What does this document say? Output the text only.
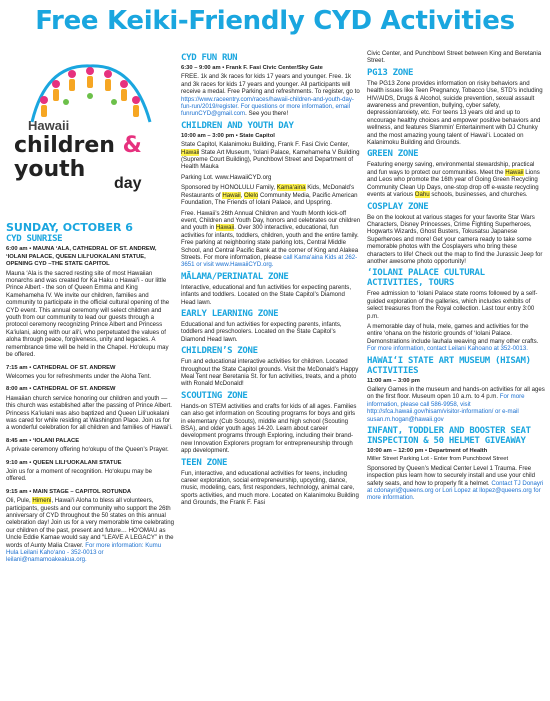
Free Keiki-Friendly CYD Activities
Hawaii
children & youth
day
SUNDAY, OCTOBER 6
CYD SUNRISE
6:00 am • MAUNA ‘ALA, CATHEDRAL OF ST. ANDREW, ‘IOLANI PALACE, QUEEN LILI‘UOKALANI STATUE, OPENING CYD –THE STATE CAPITOL

Mauna ‘Ala is the sacred resting site of most Hawaiian monarchs and was created for Ka Haku o Hawai‘i - our little Prince Albert - the son of Queen Emma and King Kamehameha IV. We invite our children, families and community to participate in the official cultural opening of the CYD event. This annual ceremony will select children and youth from our community to lead our guests through a protocol ceremony recognizing Prince Albert and Princess Ka‘iulani, along with our ali‘i, who perpetuated the values of aloha through peace, forgiveness, unity and legacies. A remembrance time will be held in the Chapel. Ho‘okupu may be offered.

7:15 am • CATHEDRAL OF ST. ANDREW

Welcomes you for refreshments under the Aloha Tent.

8:00 am • CATHEDRAL OF ST. ANDREW

Hawaiian church service honoring our children and youth — this church was established after the passing of Prince Albert. Princess Ka‘iulani was also baptized and Queen Lili‘uokalani was cared for while residing at Washington Place. Join us for a wonderful celebration for all children and families of Hawai‘i.

8:45 am • ‘IOLANI PALACE

A private ceremony offering ho‘okupu of the Queen’s Prayer.

9:10 am • QUEEN LILI‘UOKALANI STATUE

Join us for a moment of recognition. Ho‘okupu may be offered.

9:15 am • MAIN STAGE – CAPITOL ROTUNDA

Oli, Pule, Himeni, Hawai‘i Aloha to bless all volunteers, participants, guests and our community who support the 26th anniversary of CYD throughout the 50 states on this annual celebration day! Join us for a very memorable time celebrating our children of the past, present and future… HO‘OMAU as Uncle Eddie Kamae would say and “LEAVE A LEGACY” in the words of Aunty Malia Craver. For more information: Kumu Hula Leilani Kaho‘ano - 352-0013 or leilani@namamoakeakua.org.

CYD FUN RUN
6:30 – 9:00 am • Frank F. Fasi Civic Center/Sky Gate

FREE. 1k and 3k races for kids 17 years and younger. Free. 1k and 3k races for kids 17 years and younger. All participants will receive a medal. Free Parking and refreshments. To register, go to https://www.raceentry.com/races/hawaii-children-and-youth-day-fun-run/2019/register. For questions or more information, email funrunCYD@gmail.com. See you there!

CHILDREN AND YOUTH DAY
10:00 am – 3:00 pm • State Capitol

State Capitol, Kalanimoku Building, Frank F. Fasi Civic Center, Hawaii State Art Museum, ‘Iolani Palace, Kamehameha V Building (Supreme Court Building), Punchbowl Street and Department of Health Mauka

Parking Lot. www.HawaiiCYD.org

Sponsored by HONOLULU Family, Kama‘aina Kids, McDonald’s Restaurants of Hawaii, Olelo Community Media, Pacific American Foundation, The Friends of Iolani Palace, and Upspring.

Free. Hawaii’s 26th Annual Children and Youth Month kick-off event, Children and Youth Day, honors and celebrates our children and youth in Hawaii. Over 300 interactive, educational, fun activities for infants, toddlers, children, youth and the entire family. Free parking at neighboring state parking lots, Central Middle School, and Central Pacific Bank at the corner of King and Alakea Streets. For more information, please call Kama‘aina Kids at 262-3651 or visit www.HawaiiCYD.org.

MĀLAMA/PERINATAL ZONE

Interactive, educational and fun activities for expecting parents, infants and toddlers. Located on the State Capitol’s Diamond Head lawn.

EARLY LEARNING ZONE

Educational and fun activities for expecting parents, infants, toddlers and preschoolers. Located on the State Capitol’s Diamond Head lawn.

CHILDREN’S ZONE

Fun and educational interactive activities for children. Located throughout the State Capitol grounds. Visit the McDonald’s Happy Meal Tent near Beretania St. for fun activities, treats, and a photo with Ronald McDonald!

SCOUTING ZONE

Hands-on STEM activities and crafts for kids of all ages. Families can also get information on Scouting programs for boys and girls in elementary (Cub Scouts), middle and high school (Scouting BSA), and older youth ages 14-20. Learn about career development programs through Exploring, including their brand-new Innovation Explorers program for entrepreneurship through app development.

TEEN ZONE

Fun, interactive, and educational activities for teens, including career exploration, social entrepreneurship, upcycling, dance, music, modeling, cars, first responders, technology, animal care, sports activities, and much more. Located on Kalanimoku Building and Grounds, the Frank F. Fasi

Civic Center, and Punchbowl Street between King and Beretania Street.

PG13 ZONE

The PG13 Zone provides information on risky behaviors and health issues like Teen Pregnancy, Tobacco Use, STD’s including HIV/AIDS, Drugs & Alcohol, suicide prevention, sexual assault awareness and prevention, bullying, cyber safety, depression/anxiety, etc. For teens 13 years old and up to encourage healthy choices and empower positive behaviors and wellness, and features Slammin’ Entertainment with DJ Chunky and the most amazing young talent of Hawai‘i. Located on Kalanimoku Building and Grounds.

GREEN ZONE

Featuring energy saving, environmental stewardship, practical and fun ways to protect our communities. Meet the Hawaii Lions and Leos who promote the 16th year of Going Green Recycling Community Clean Up Days, one-stop drop off e-waste recycling events at various Oahu schools, businesses, and churches.

COSPLAY ZONE

Be on the lookout at various stages for your favorite Star Wars Characters, Disney Princesses, Crime Fighting Superheroes, Hogwarts Wizards, Ghost Busters, Tokusatsu Japanese Superheroes and more! Get your camera ready to take some memorable photos with the Cosplayers who bring these characters to life! Check out the map to find the Jurassic Jeep for another awesome photo opportunity!

‘IOLANI PALACE CULTURAL ACTIVITIES, TOURS

Free admission to ‘Iolani Palace state rooms followed by a self-guided exploration of the galleries, which includes exhibits of select treasures from the Royal collection. Last tour entry 3:00 p.m.

A memorable day of hula, mele, games and activities for the entire ‘ohana on the historic grounds of ‘Iolani Palace. Demonstrations include lauhala weaving and many other crafts. For more information, contact Leilani Kahoano at 352-0013.

HAWAI‘I STATE ART MUSEUM (HISAM) ACTIVITIES
11:00 am – 3:00 pm

Gallery Games in the museum and hands-on activities for all ages on the first floor. Museum open 10 a.m. to 4 p.m. For more information, please call 586-9958, visit http://sfca.hawaii.gov/hisam/visitor-information/ or e-mail susan.m.hogan@hawaii.gov

INFANT, TODDLER AND BOOSTER SEAT INSPECTION & 50 HELMET GIVEAWAY
10:00 am – 12:00 pm • Department of Health
Miller Street Parking Lot - Enter from Punchbowl Street

Sponsored by Queen’s Medical Center Level 1 Trauma. Free inspection plus learn how to securely install and use your child safety seats, and how to properly fit a helmet. Contact TJ Donayri at cdonayri@queens.org or Lori Lopez at llopez@queens.org for more information.
